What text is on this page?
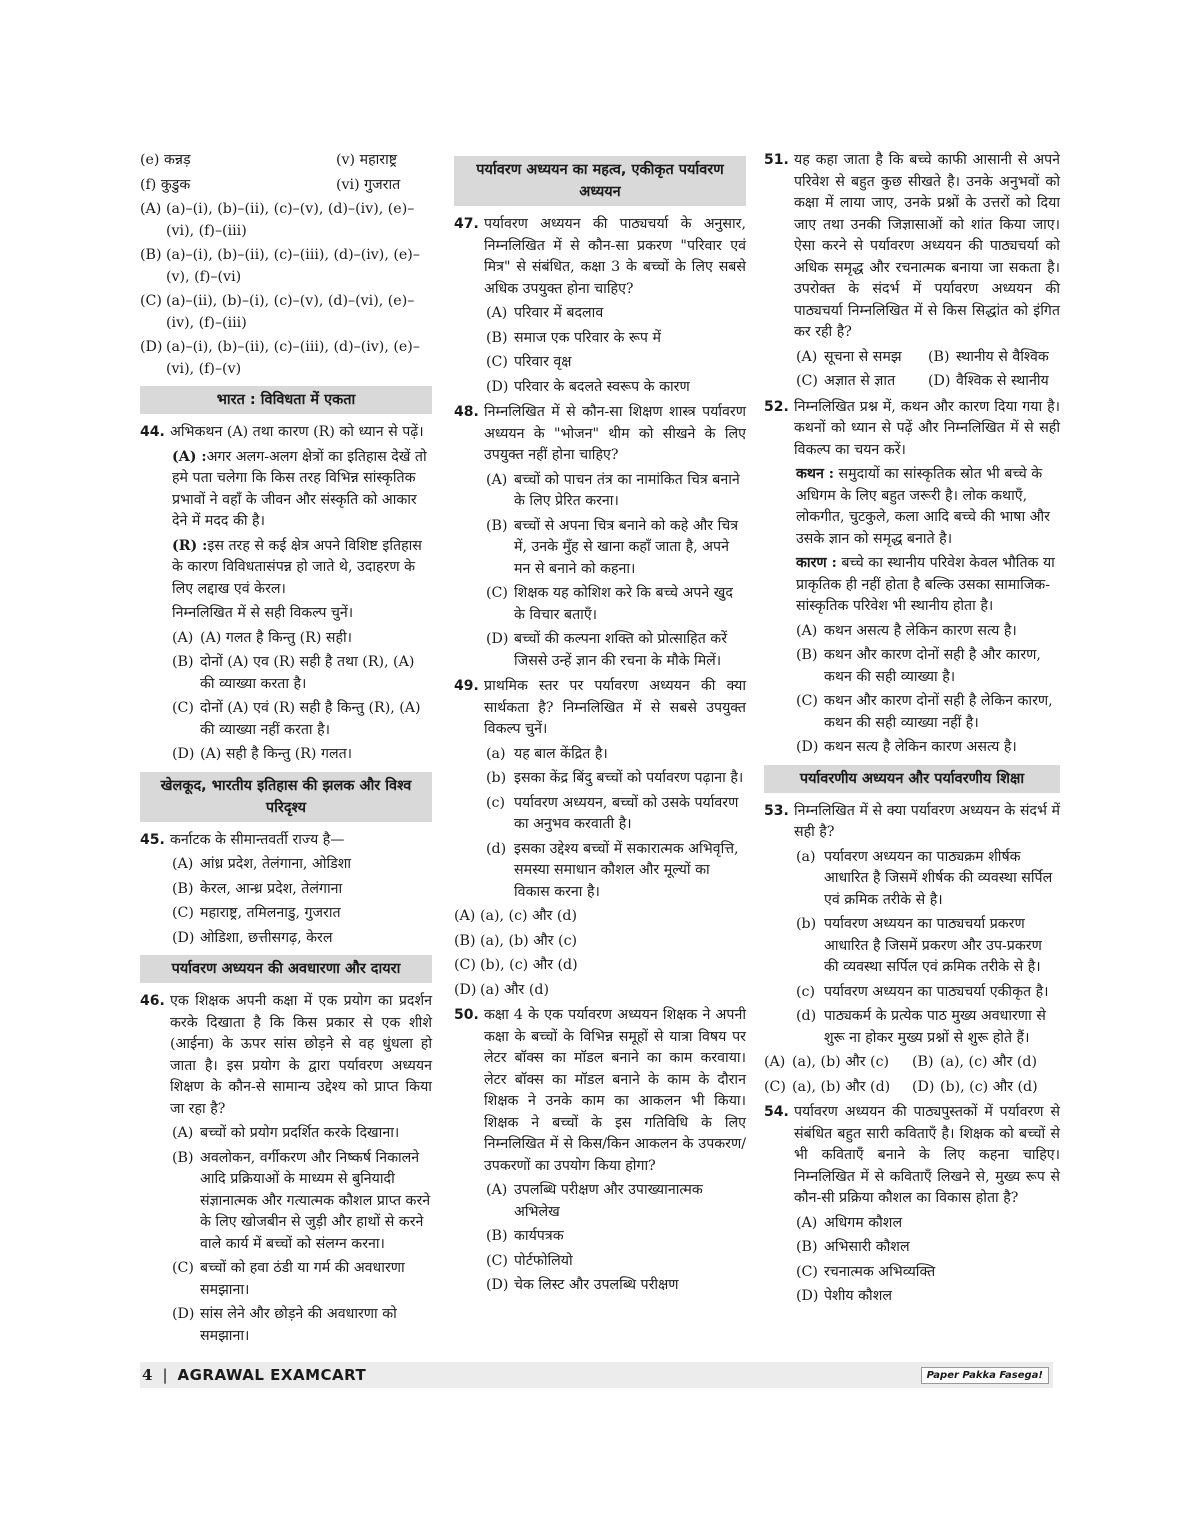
(e) कन्नड़	(v) महाराष्ट्र
(f) कुडुक	(vi) गुजरात
(A) (a)–(i), (b)–(ii), (c)–(v), (d)–(iv), (e)–(vi), (f)–(iii)
(B) (a)–(i), (b)–(ii), (c)–(iii), (d)–(iv), (e)–(v), (f)–(vi)
(C) (a)–(ii), (b)–(i), (c)–(v), (d)–(vi), (e)–(iv), (f)–(iii)
(D) (a)–(i), (b)–(ii), (c)–(iii), (d)–(iv), (e)–(vi), (f)–(v)
भारत : विविधता में एकता
44. अभिकथन (A) तथा कारण (R) को ध्यान से पढ़ें।
(A) :अगर अलग-अलग क्षेत्रों का इतिहास देखें तो हमे पता चलेगा कि किस तरह विभिन्न सांस्कृतिक प्रभावों ने वहाँ के जीवन और संस्कृति को आकार देने में मदद की है।
(R) :इस तरह से कई क्षेत्र अपने विशिष्ट इतिहास के कारण विविधतासंपन्न हो जाते थे, उदाहरण के लिए लद्दाख एवं केरल।
निम्नलिखित में से सही विकल्प चुनें।
(A) (A) गलत है किन्तु (R) सही।
(B) दोनों (A) एव (R) सही है तथा (R), (A) की व्याख्या करता है।
(C) दोनों (A) एवं (R) सही है किन्तु (R), (A) की व्याख्या नहीं करता है।
(D) (A) सही है किन्तु (R) गलत।
खेलकूद, भारतीय इतिहास की झलक और विश्व परिदृश्य
45. कर्नाटक के सीमान्तवर्ती राज्य है—
(A) आंध्र प्रदेश, तेलंगाना, ओडिशा
(B) केरल, आन्ध्र प्रदेश, तेलंगाना
(C) महाराष्ट्र, तमिलनाडु, गुजरात
(D) ओडिशा, छत्तीसगढ़, केरल
पर्यावरण अध्ययन की अवधारणा और दायरा
46. एक शिक्षक अपनी कक्षा में एक प्रयोग का प्रदर्शन करके दिखाता है कि किस प्रकार से एक शीशे (आईना) के ऊपर सांस छोड़ने से वह धुंधला हो जाता है। इस प्रयोग के द्वारा पर्यावरण अध्ययन शिक्षण के कौन-से सामान्य उद्देश्य को प्राप्त किया जा रहा है?
(A) बच्चों को प्रयोग प्रदर्शित करके दिखाना।
(B) अवलोकन, वर्गीकरण और निष्कर्ष निकालने आदि प्रक्रियाओं के माध्यम से बुनियादी संज्ञानात्मक और गत्यात्मक कौशल प्राप्त करने के लिए खोजबीन से जुड़ी और हाथों से करने वाले कार्य में बच्चों को संलग्न करना।
(C) बच्चों को हवा ठंडी या गर्म की अवधारणा समझाना।
(D) सांस लेने और छोड़ने की अवधारणा को समझाना।
पर्यावरण अध्ययन का महत्व, एकीकृत पर्यावरण अध्ययन
47. पर्यावरण अध्ययन की पाठ्यचर्या के अनुसार, निम्नलिखित में से कौन-सा प्रकरण "परिवार एवं मित्र" से संबंधित, कक्षा 3 के बच्चों के लिए सबसे अधिक उपयुक्त होना चाहिए?
(A) परिवार में बदलाव
(B) समाज एक परिवार के रूप में
(C) परिवार वृक्ष
(D) परिवार के बदलते स्वरूप के कारण
48. निम्नलिखित में से कौन-सा शिक्षण शास्त्र पर्यावरण अध्ययन के "भोजन" थीम को सीखने के लिए उपयुक्त नहीं होना चाहिए?
(A) बच्चों को पाचन तंत्र का नामांकित चित्र बनाने के लिए प्रेरित करना।
(B) बच्चों से अपना चित्र बनाने को कहे और चित्र में, उनके मुँह से खाना कहाँ जाता है, अपने मन से बनाने को कहना।
(C) शिक्षक यह कोशिश करे कि बच्चे अपने खुद के विचार बताएँ।
(D) बच्चों की कल्पना शक्ति को प्रोत्साहित करें जिससे उन्हें ज्ञान की रचना के मौके मिलें।
49. प्राथमिक स्तर पर पर्यावरण अध्ययन की क्या सार्थकता है? निम्नलिखित में से सबसे उपयुक्त विकल्प चुनें।
(a) यह बाल केंद्रित है।
(b) इसका केंद्र बिंदु बच्चों को पर्यावरण पढ़ाना है।
(c) पर्यावरण अध्ययन, बच्चों को उसके पर्यावरण का अनुभव करवाती है।
(d) इसका उद्देश्य बच्चों में सकारात्मक अभिवृत्ति, समस्या समाधान कौशल और मूल्यों का विकास करना है।
(A) (a), (c) और (d)
(B) (a), (b) और (c)
(C) (b), (c) और (d)
(D) (a) और (d)
50. कक्षा 4 के एक पर्यावरण अध्ययन शिक्षक ने अपनी कक्षा के बच्चों के विभिन्न समूहों से यात्रा विषय पर लेटर बॉक्स का मॉडल बनाने का काम करवाया। लेटर बॉक्स का मॉडल बनाने के काम के दौरान शिक्षक ने उनके काम का आकलन भी किया। शिक्षक ने बच्चों के इस गतिविधि के लिए निम्नलिखित में से किस/किन आकलन के उपकरण/उपकरणों का उपयोग किया होगा?
(A) उपलब्धि परीक्षण और उपाख्यानात्मक अभिलेख
(B) कार्यपत्रक
(C) पोर्टफोलियो
(D) चेक लिस्ट और उपलब्धि परीक्षण
51. यह कहा जाता है कि बच्चे काफी आसानी से अपने परिवेश से बहुत कुछ सीखते है। उनके अनुभवों को कक्षा में लाया जाए, उनके प्रश्नों के उत्तरों को दिया जाए तथा उनकी जिज्ञासाओं को शांत किया जाए। ऐसा करने से पर्यावरण अध्ययन की पाठ्यचर्या को अधिक समृद्ध और रचनात्मक बनाया जा सकता है। उपरोक्त के संदर्भ में पर्यावरण अध्ययन की पाठ्यचर्या निम्नलिखित में से किस सिद्धांत को इंगित कर रही है?
(A) सूचना से समझ (B) स्थानीय से वैश्विक
(C) अज्ञात से ज्ञात (D) वैश्विक से स्थानीय
52. निम्नलिखित प्रश्न में, कथन और कारण दिया गया है। कथनों को ध्यान से पढ़ें और निम्नलिखित में से सही विकल्प का चयन करें।
कथन : समुदायों का सांस्कृतिक स्रोत भी बच्चे के अधिगम के लिए बहुत जरूरी है। लोक कथाएँ, लोकगीत, चुटकुले, कला आदि बच्चे की भाषा और उसके ज्ञान को समृद्ध बनाते है।
कारण : बच्चे का स्थानीय परिवेश केवल भौतिक या प्राकृतिक ही नहीं होता है बल्कि उसका सामाजिक-सांस्कृतिक परिवेश भी स्थानीय होता है।
(A) कथन असत्य है लेकिन कारण सत्य है।
(B) कथन और कारण दोनों सही है और कारण, कथन की सही व्याख्या है।
(C) कथन और कारण दोनों सही है लेकिन कारण, कथन की सही व्याख्या नहीं है।
(D) कथन सत्य है लेकिन कारण असत्य है।
पर्यावरणीय अध्ययन और पर्यावरणीय शिक्षा
53. निम्नलिखित में से क्या पर्यावरण अध्ययन के संदर्भ में सही है?
(a) पर्यावरण अध्ययन का पाठ्यक्रम शीर्षक आधारित है जिसमें शीर्षक की व्यवस्था सर्पिल एवं क्रमिक तरीके से है।
(b) पर्यावरण अध्ययन का पाठ्यचर्या प्रकरण आधारित है जिसमें प्रकरण और उप-प्रकरण की व्यवस्था सर्पिल एवं क्रमिक तरीके से है।
(c) पर्यावरण अध्ययन का पाठ्यचर्या एकीकृत है।
(d) पाठ्यकर्म के प्रत्येक पाठ मुख्य अवधारणा से शुरू ना होकर मुख्य प्रश्नों से शुरू होते हैं।
(A) (a), (b) और (c) (B) (a), (c) और (d)
(C) (a), (b) और (d) (D) (b), (c) और (d)
54. पर्यावरण अध्ययन की पाठ्यपुस्तकों में पर्यावरण से संबंधित बहुत सारी कविताएँ है। शिक्षक को बच्चों से भी कविताएँ बनाने के लिए कहना चाहिए। निम्नलिखित में से कविताएँ लिखने से, मुख्य रूप से कौन-सी प्रक्रिया कौशल का विकास होता है?
(A) अधिगम कौशल
(B) अभिसारी कौशल
(C) रचनात्मक अभिव्यक्ति
(D) पेशीय कौशल
4 | AGRAWAL EXAMCART	Paper Pakka Fasega!
